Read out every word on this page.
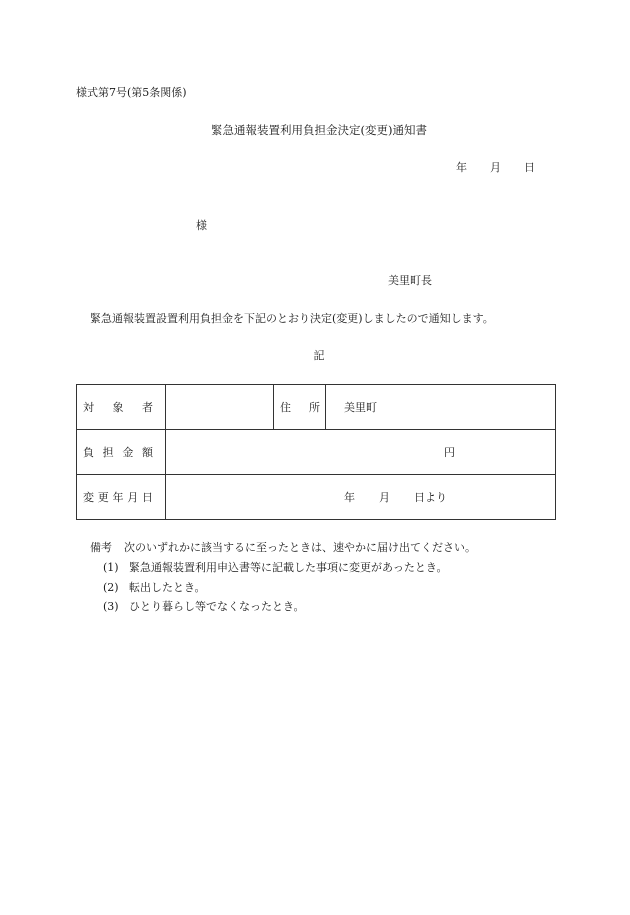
様式第7号(第5条関係)
緊急通報装置利用負担金決定(変更)通知書
年 月 日
様
美里町長
緊急通報装置設置利用負担金を下記のとおり決定(変更)しましたので通知します。
記
対 象 者		住 所	美里町

負 担 金 額	円		

変 更 年 月 日	年 月 日より		
備考 次のいずれかに該当するに至ったときは、速やかに届け出てください。
(1) 緊急通報装置利用申込書等に記載した事項に変更があったとき。
(2) 転出したとき。
(3) ひとり暮らし等でなくなったとき。
